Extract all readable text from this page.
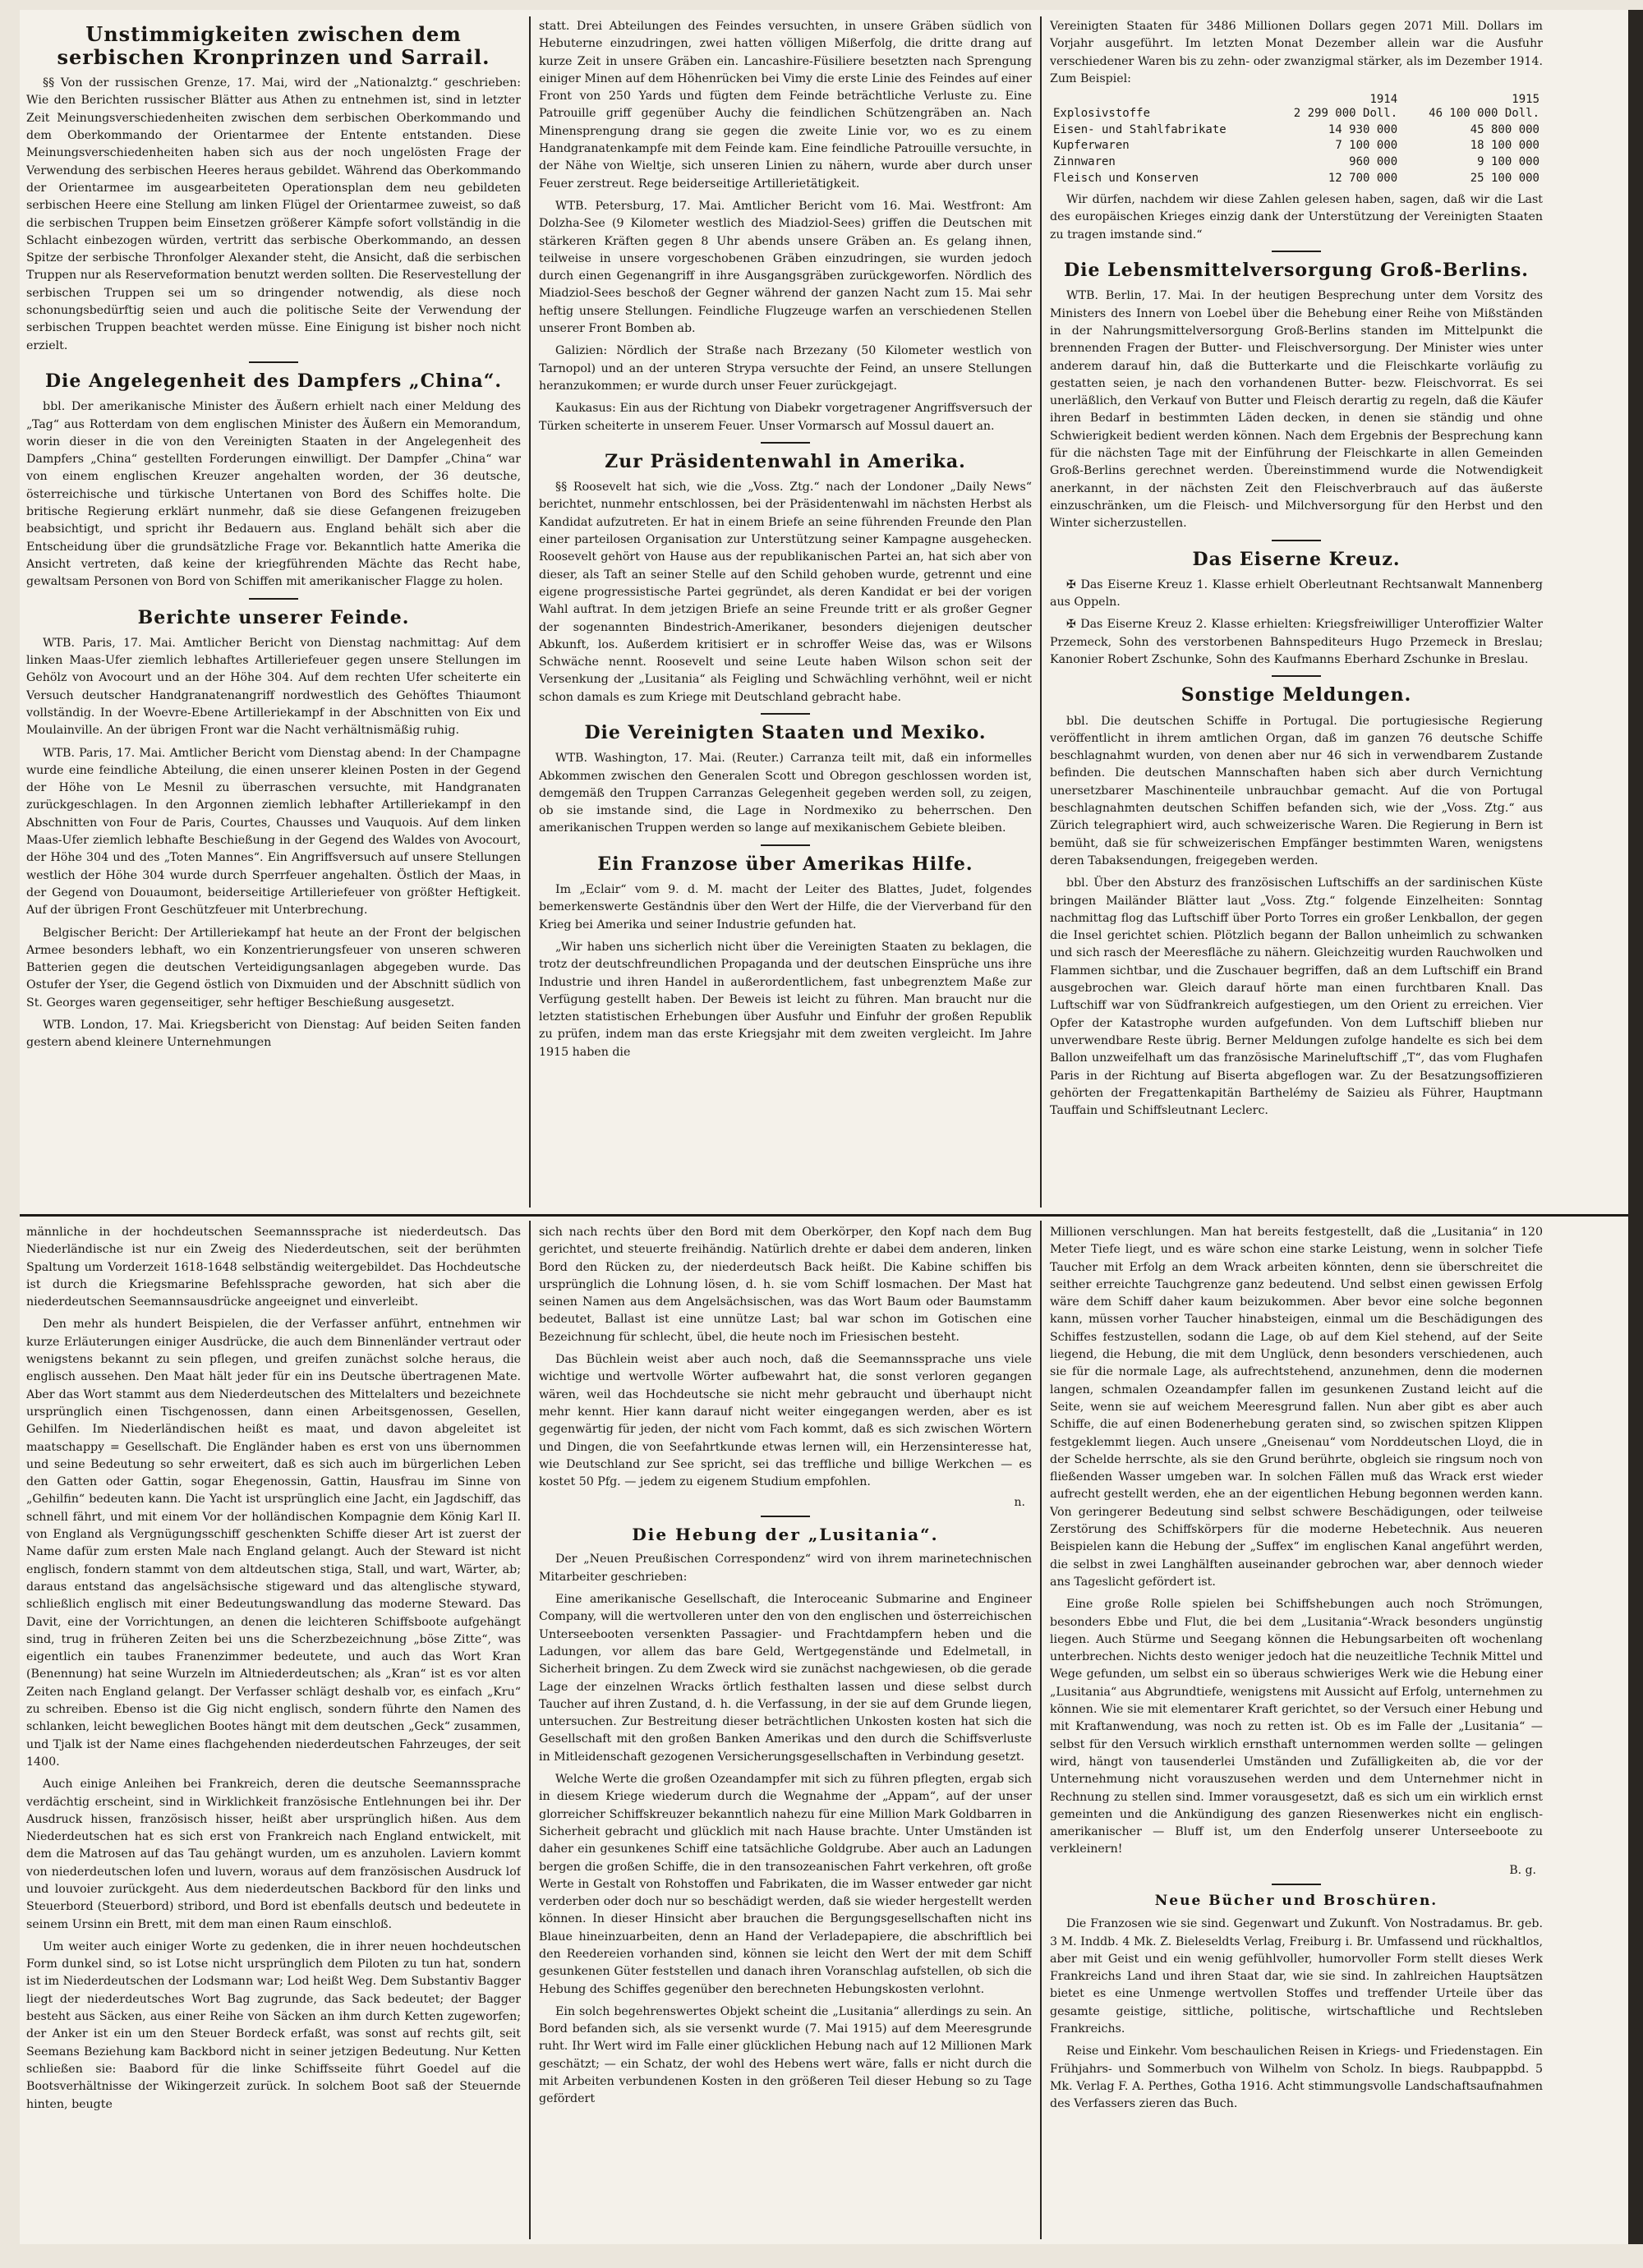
Unstimmigkeiten zwischen dem serbischen Kronprinzen und Sarrail.

§§ Von der russischen Grenze, 17. Mai, wird der „Nationalztg.“ geschrieben: Wie den Berichten russischer Blätter aus Athen zu entnehmen ist, sind in letzter Zeit Meinungsverschiedenheiten zwischen dem serbischen Oberkommando und dem Oberkommando der Orientarmee der Entente entstanden. Diese Meinungsverschiedenheiten haben sich aus der noch ungelösten Frage der Verwendung des serbischen Heeres heraus gebildet. Während das Oberkommando der Orientarmee im ausgearbeiteten Operationsplan dem neu gebildeten serbischen Heere eine Stellung am linken Flügel der Orientarmee zuweist, so daß die serbischen Truppen beim Einsetzen größerer Kämpfe sofort vollständig in die Schlacht einbezogen würden, vertritt das serbische Oberkommando, an dessen Spitze der serbische Thronfolger Alexander steht, die Ansicht, daß die serbischen Truppen nur als Reserveformation benutzt werden sollten. Die Reservestellung der serbischen Truppen sei um so dringender notwendig, als diese noch schonungsbedürftig seien und auch die politische Seite der Verwendung der serbischen Truppen beachtet werden müsse. Eine Einigung ist bisher noch nicht erzielt.

Die Angelegenheit des Dampfers „China“.

bbl. Der amerikanische Minister des Äußern erhielt nach einer Meldung des „Tag“ aus Rotterdam von dem englischen Minister des Äußern ein Memorandum, worin dieser in die von den Vereinigten Staaten in der Angelegenheit des Dampfers „China“ gestellten Forderungen einwilligt. Der Dampfer „China“ war von einem englischen Kreuzer angehalten worden, der 36 deutsche, österreichische und türkische Untertanen von Bord des Schiffes holte. Die britische Regierung erklärt nunmehr, daß sie diese Gefangenen freizugeben beabsichtigt, und spricht ihr Bedauern aus. England behält sich aber die Entscheidung über die grundsätzliche Frage vor. Bekanntlich hatte Amerika die Ansicht vertreten, daß keine der kriegführenden Mächte das Recht habe, gewaltsam Personen von Bord von Schiffen mit amerikanischer Flagge zu holen.

Berichte unserer Feinde.

WTB. Paris, 17. Mai. Amtlicher Bericht von Dienstag nachmittag: Auf dem linken Maas-Ufer ziemlich lebhaftes Artilleriefeuer gegen unsere Stellungen im Gehölz von Avocourt und an der Höhe 304. Auf dem rechten Ufer scheiterte ein Versuch deutscher Handgranatenangriff nordwestlich des Gehöftes Thiaumont vollständig. In der Woevre-Ebene Artilleriekampf in der Abschnitten von Eix und Moulainville. An der übrigen Front war die Nacht verhältnismäßig ruhig.

WTB. Paris, 17. Mai. Amtlicher Bericht vom Dienstag abend: In der Champagne wurde eine feindliche Abteilung, die einen unserer kleinen Posten in der Gegend der Höhe von Le Mesnil zu überraschen versuchte, mit Handgranaten zurückgeschlagen. In den Argonnen ziemlich lebhafter Artilleriekampf in den Abschnitten von Four de Paris, Courtes, Chausses und Vauquois. Auf dem linken Maas-Ufer ziemlich lebhafte Beschießung in der Gegend des Waldes von Avocourt, der Höhe 304 und des „Toten Mannes“. Ein Angriffsversuch auf unsere Stellungen westlich der Höhe 304 wurde durch Sperrfeuer angehalten. Östlich der Maas, in der Gegend von Douaumont, beiderseitige Artilleriefeuer von größter Heftigkeit. Auf der übrigen Front Geschützfeuer mit Unterbrechung.

Belgischer Bericht: Der Artilleriekampf hat heute an der Front der belgischen Armee besonders lebhaft, wo ein Konzentrierungsfeuer von unseren schweren Batterien gegen die deutschen Verteidigungsanlagen abgegeben wurde. Das Ostufer der Yser, die Gegend östlich von Dixmuiden und der Abschnitt südlich von St. Georges waren gegenseitiger, sehr heftiger Beschießung ausgesetzt.

WTB. London, 17. Mai. Kriegsbericht von Dienstag: Auf beiden Seiten fanden gestern abend kleinere Unternehmungen

statt. Drei Abteilungen des Feindes versuchten, in unsere Gräben südlich von Hebuterne einzudringen, zwei hatten völligen Mißerfolg, die dritte drang auf kurze Zeit in unsere Gräben ein. Lancashire-Füsiliere besetzten nach Sprengung einiger Minen auf dem Höhenrücken bei Vimy die erste Linie des Feindes auf einer Front von 250 Yards und fügten dem Feinde beträchtliche Verluste zu. Eine Patrouille griff gegenüber Auchy die feindlichen Schützengräben an. Nach Minensprengung drang sie gegen die zweite Linie vor, wo es zu einem Handgranatenkampfe mit dem Feinde kam. Eine feindliche Patrouille versuchte, in der Nähe von Wieltje, sich unseren Linien zu nähern, wurde aber durch unser Feuer zerstreut. Rege beiderseitige Artillerietätigkeit.

WTB. Petersburg, 17. Mai. Amtlicher Bericht vom 16. Mai. Westfront: Am Dolzha-See (9 Kilometer westlich des Miadziol-Sees) griffen die Deutschen mit stärkeren Kräften gegen 8 Uhr abends unsere Gräben an. Es gelang ihnen, teilweise in unsere vorgeschobenen Gräben einzudringen, sie wurden jedoch durch einen Gegenangriff in ihre Ausgangsgräben zurückgeworfen. Nördlich des Miadziol-Sees beschoß der Gegner während der ganzen Nacht zum 15. Mai sehr heftig unsere Stellungen. Feindliche Flugzeuge warfen an verschiedenen Stellen unserer Front Bomben ab.

Galizien: Nördlich der Straße nach Brzezany (50 Kilometer westlich von Tarnopol) und an der unteren Strypa versuchte der Feind, an unsere Stellungen heranzukommen; er wurde durch unser Feuer zurückgejagt.

Kaukasus: Ein aus der Richtung von Diabekr vorgetragener Angriffsversuch der Türken scheiterte in unserem Feuer. Unser Vormarsch auf Mossul dauert an.

Zur Präsidentenwahl in Amerika.

§§ Roosevelt hat sich, wie die „Voss. Ztg.“ nach der Londoner „Daily News“ berichtet, nunmehr entschlossen, bei der Präsidentenwahl im nächsten Herbst als Kandidat aufzutreten. Er hat in einem Briefe an seine führenden Freunde den Plan einer parteilosen Organisation zur Unterstützung seiner Kampagne ausgehecken. Roosevelt gehört von Hause aus der republikanischen Partei an, hat sich aber von dieser, als Taft an seiner Stelle auf den Schild gehoben wurde, getrennt und eine eigene progressistische Partei gegründet, als deren Kandidat er bei der vorigen Wahl auftrat. In dem jetzigen Briefe an seine Freunde tritt er als großer Gegner der sogenannten Bindestrich-Amerikaner, besonders diejenigen deutscher Abkunft, los. Außerdem kritisiert er in schroffer Weise das, was er Wilsons Schwäche nennt. Roosevelt und seine Leute haben Wilson schon seit der Versenkung der „Lusitania“ als Feigling und Schwächling verhöhnt, weil er nicht schon damals es zum Kriege mit Deutschland gebracht habe.

Die Vereinigten Staaten und Mexiko.

WTB. Washington, 17. Mai. (Reuter.) Carranza teilt mit, daß ein informelles Abkommen zwischen den Generalen Scott und Obregon geschlossen worden ist, demgemäß den Truppen Carranzas Gelegenheit gegeben werden soll, zu zeigen, ob sie imstande sind, die Lage in Nordmexiko zu beherrschen. Den amerikanischen Truppen werden so lange auf mexikanischem Gebiete bleiben.

Ein Franzose über Amerikas Hilfe.

Im „Eclair“ vom 9. d. M. macht der Leiter des Blattes, Judet, folgendes bemerkenswerte Geständnis über den Wert der Hilfe, die der Vierverband für den Krieg bei Amerika und seiner Industrie gefunden hat.

„Wir haben uns sicherlich nicht über die Vereinigten Staaten zu beklagen, die trotz der deutschfreundlichen Propaganda und der deutschen Einsprüche uns ihre Industrie und ihren Handel in außerordentlichem, fast unbegrenztem Maße zur Verfügung gestellt haben. Der Beweis ist leicht zu führen. Man braucht nur die letzten statistischen Erhebungen über Ausfuhr und Einfuhr der großen Republik zu prüfen, indem man das erste Kriegsjahr mit dem zweiten vergleicht. Im Jahre 1915 haben die

Vereinigten Staaten für 3486 Millionen Dollars gegen 2071 Mill. Dollars im Vorjahr ausgeführt. Im letzten Monat Dezember allein war die Ausfuhr verschiedener Waren bis zu zehn- oder zwanzigmal stärker, als im Dezember 1914. Zum Beispiel:

	1914	1915
Explosivstoffe	2 299 000 Doll.	46 100 000 Doll.
Eisen- und Stahlfabrikate	14 930 000	45 800 000
Kupferwaren	7 100 000	18 100 000
Zinnwaren	960 000	9 100 000
Fleisch und Konserven	12 700 000	25 100 000

Wir dürfen, nachdem wir diese Zahlen gelesen haben, sagen, daß wir die Last des europäischen Krieges einzig dank der Unterstützung der Vereinigten Staaten zu tragen imstande sind.“

Die Lebensmittelversorgung Groß-Berlins.

WTB. Berlin, 17. Mai. In der heutigen Besprechung unter dem Vorsitz des Ministers des Innern von Loebel über die Behebung einer Reihe von Mißständen in der Nahrungsmittelversorgung Groß-Berlins standen im Mittelpunkt die brennenden Fragen der Butter- und Fleischversorgung. Der Minister wies unter anderem darauf hin, daß die Butterkarte und die Fleischkarte vorläufig zu gestatten seien, je nach den vorhandenen Butter- bezw. Fleischvorrat. Es sei unerläßlich, den Verkauf von Butter und Fleisch derartig zu regeln, daß die Käufer ihren Bedarf in bestimmten Läden decken, in denen sie ständig und ohne Schwierigkeit bedient werden können. Nach dem Ergebnis der Besprechung kann für die nächsten Tage mit der Einführung der Fleischkarte in allen Gemeinden Groß-Berlins gerechnet werden. Übereinstimmend wurde die Notwendigkeit anerkannt, in der nächsten Zeit den Fleischverbrauch auf das äußerste einzuschränken, um die Fleisch- und Milchversorgung für den Herbst und den Winter sicherzustellen.

Das Eiserne Kreuz.

✠ Das Eiserne Kreuz 1. Klasse erhielt Oberleutnant Rechtsanwalt Mannenberg aus Oppeln.

✠ Das Eiserne Kreuz 2. Klasse erhielten: Kriegsfreiwilliger Unteroffizier Walter Przemeck, Sohn des verstorbenen Bahnspediteurs Hugo Przemeck in Breslau; Kanonier Robert Zschunke, Sohn des Kaufmanns Eberhard Zschunke in Breslau.

Sonstige Meldungen.

bbl. Die deutschen Schiffe in Portugal. Die portugiesische Regierung veröffentlicht in ihrem amtlichen Organ, daß im ganzen 76 deutsche Schiffe beschlagnahmt wurden, von denen aber nur 46 sich in verwendbarem Zustande befinden. Die deutschen Mannschaften haben sich aber durch Vernichtung unersetzbarer Maschinenteile unbrauchbar gemacht. Auf die von Portugal beschlagnahmten deutschen Schiffen befanden sich, wie der „Voss. Ztg.“ aus Zürich telegraphiert wird, auch schweizerische Waren. Die Regierung in Bern ist bemüht, daß sie für schweizerischen Empfänger bestimmten Waren, wenigstens deren Tabaksendungen, freigegeben werden.

bbl. Über den Absturz des französischen Luftschiffs an der sardinischen Küste bringen Mailänder Blätter laut „Voss. Ztg.“ folgende Einzelheiten: Sonntag nachmittag flog das Luftschiff über Porto Torres ein großer Lenkballon, der gegen die Insel gerichtet schien. Plötzlich begann der Ballon unheimlich zu schwanken und sich rasch der Meeresfläche zu nähern. Gleichzeitig wurden Rauchwolken und Flammen sichtbar, und die Zuschauer begriffen, daß an dem Luftschiff ein Brand ausgebrochen war. Gleich darauf hörte man einen furchtbaren Knall. Das Luftschiff war von Südfrankreich aufgestiegen, um den Orient zu erreichen. Vier Opfer der Katastrophe wurden aufgefunden. Von dem Luftschiff blieben nur unverwendbare Reste übrig. Berner Meldungen zufolge handelte es sich bei dem Ballon unzweifelhaft um das französische Marineluftschiff „T“, das vom Flughafen Paris in der Richtung auf Biserta abgeflogen war. Zu der Besatzungsoffizieren gehörten der Fregattenkapitän Barthelémy de Saizieu als Führer, Hauptmann Tauffain und Schiffsleutnant Leclerc.

männliche in der hochdeutschen Seemannssprache ist niederdeutsch. Das Niederländische ist nur ein Zweig des Niederdeutschen, seit der berühmten Spaltung um Vorderzeit 1618-1648 selbständig weitergebildet. Das Hochdeutsche ist durch die Kriegsmarine Befehlssprache geworden, hat sich aber die niederdeutschen Seemannsausdrücke angeeignet und einverleibt.

Den mehr als hundert Beispielen, die der Verfasser anführt, entnehmen wir kurze Erläuterungen einiger Ausdrücke, die auch dem Binnenländer vertraut oder wenigstens bekannt zu sein pflegen, und greifen zunächst solche heraus, die englisch aussehen. Den Maat hält jeder für ein ins Deutsche übertragenen Mate. Aber das Wort stammt aus dem Niederdeutschen des Mittelalters und bezeichnete ursprünglich einen Tischgenossen, dann einen Arbeitsgenossen, Gesellen, Gehilfen. Im Niederländischen heißt es maat, und davon abgeleitet ist maatschappy = Gesellschaft. Die Engländer haben es erst von uns übernommen und seine Bedeutung so sehr erweitert, daß es sich auch im bürgerlichen Leben den Gatten oder Gattin, sogar Ehegenossin, Gattin, Hausfrau im Sinne von „Gehilfin“ bedeuten kann. Die Yacht ist ursprünglich eine Jacht, ein Jagdschiff, das schnell fährt, und mit einem Vor der holländischen Kompagnie dem König Karl II. von England als Vergnügungsschiff geschenkten Schiffe dieser Art ist zuerst der Name dafür zum ersten Male nach England gelangt. Auch der Steward ist nicht englisch, fondern stammt von dem altdeutschen stiga, Stall, und wart, Wärter, ab; daraus entstand das angelsächsische stigeward und das altenglische styward, schließlich englisch mit einer Bedeutungswandlung das moderne Steward. Das Davit, eine der Vorrichtungen, an denen die leichteren Schiffsboote aufgehängt sind, trug in früheren Zeiten bei uns die Scherzbezeichnung „böse Zitte“, was eigentlich ein taubes Franenzimmer bedeutete, und auch das Wort Kran (Benennung) hat seine Wurzeln im Altniederdeutschen; als „Kran“ ist es vor alten Zeiten nach England gelangt. Der Verfasser schlägt deshalb vor, es einfach „Kru“ zu schreiben. Ebenso ist die Gig nicht englisch, sondern führte den Namen des schlanken, leicht beweglichen Bootes hängt mit dem deutschen „Geck“ zusammen, und Tjalk ist der Name eines flachgehenden niederdeutschen Fahrzeuges, der seit 1400.

Auch einige Anleihen bei Frankreich, deren die deutsche Seemannssprache verdächtig erscheint, sind in Wirklichkeit französische Entlehnungen bei ihr. Der Ausdruck hissen, französisch hisser, heißt aber ursprünglich hißen. Aus dem Niederdeutschen hat es sich erst von Frankreich nach England entwickelt, mit dem die Matrosen auf das Tau gehängt wurden, um es anzuholen. Laviern kommt von niederdeutschen lofen und luvern, woraus auf dem französischen Ausdruck lof und louvoier zurückgeht. Aus dem niederdeutschen Backbord für den links und Steuerbord (Steuerbord) stribord, und Bord ist ebenfalls deutsch und bedeutete in seinem Ursinn ein Brett, mit dem man einen Raum einschloß.

Um weiter auch einiger Worte zu gedenken, die in ihrer neuen hochdeutschen Form dunkel sind, so ist Lotse nicht ursprünglich dem Piloten zu tun hat, sondern ist im Niederdeutschen der Lodsmann war; Lod heißt Weg. Dem Substantiv Bagger liegt der niederdeutsches Wort Bag zugrunde, das Sack bedeutet; der Bagger besteht aus Säcken, aus einer Reihe von Säcken an ihm durch Ketten zugeworfen; der Anker ist ein um den Steuer Bordeck erfaßt, was sonst auf rechts gilt, seit Seemans Beziehung kam Backbord nicht in seiner jetzigen Bedeutung. Nur Ketten schließen sie: Baabord für die linke Schiffsseite führt Goedel auf die Bootsverhältnisse der Wikingerzeit zurück. In solchem Boot saß der Steuernde hinten, beugte

sich nach rechts über den Bord mit dem Oberkörper, den Kopf nach dem Bug gerichtet, und steuerte freihändig. Natürlich drehte er dabei dem anderen, linken Bord den Rücken zu, der niederdeutsch Back heißt. Die Kabine schiffen bis ursprünglich die Lohnung lösen, d. h. sie vom Schiff losmachen. Der Mast hat seinen Namen aus dem Angelsächsischen, was das Wort Baum oder Baumstamm bedeutet, Ballast ist eine unnütze Last; bal war schon im Gotischen eine Bezeichnung für schlecht, übel, die heute noch im Friesischen besteht.

Das Büchlein weist aber auch noch, daß die Seemannssprache uns viele wichtige und wertvolle Wörter aufbewahrt hat, die sonst verloren gegangen wären, weil das Hochdeutsche sie nicht mehr gebraucht und überhaupt nicht mehr kennt. Hier kann darauf nicht weiter eingegangen werden, aber es ist gegenwärtig für jeden, der nicht vom Fach kommt, daß es sich zwischen Wörtern und Dingen, die von Seefahrtkunde etwas lernen will, ein Herzensinteresse hat, wie Deutschland zur See spricht, sei das treffliche und billige Werkchen — es kostet 50 Pfg. — jedem zu eigenem Studium empfohlen.

n.
Die Hebung der „Lusitania“.

Der „Neuen Preußischen Correspondenz“ wird von ihrem marinetechnischen Mitarbeiter geschrieben:

Eine amerikanische Gesellschaft, die Interoceanic Submarine and Engineer Company, will die wertvolleren unter den von den englischen und österreichischen Unterseebooten versenkten Passagier- und Frachtdampfern heben und die Ladungen, vor allem das bare Geld, Wertgegenstände und Edelmetall, in Sicherheit bringen. Zu dem Zweck wird sie zunächst nachgewiesen, ob die gerade Lage der einzelnen Wracks örtlich festhalten lassen und diese selbst durch Taucher auf ihren Zustand, d. h. die Verfassung, in der sie auf dem Grunde liegen, untersuchen. Zur Bestreitung dieser beträchtlichen Unkosten kosten hat sich die Gesellschaft mit den großen Banken Amerikas und den durch die Schiffsverluste in Mitleidenschaft gezogenen Versicherungsgesellschaften in Verbindung gesetzt.

Welche Werte die großen Ozeandampfer mit sich zu führen pflegten, ergab sich in diesem Kriege wiederum durch die Wegnahme der „Appam“, auf der unser glorreicher Schiffskreuzer bekanntlich nahezu für eine Million Mark Goldbarren in Sicherheit gebracht und glücklich mit nach Hause brachte. Unter Umständen ist daher ein gesunkenes Schiff eine tatsächliche Goldgrube. Aber auch an Ladungen bergen die großen Schiffe, die in den transozeanischen Fahrt verkehren, oft große Werte in Gestalt von Rohstoffen und Fabrikaten, die im Wasser entweder gar nicht verderben oder doch nur so beschädigt werden, daß sie wieder hergestellt werden können. In dieser Hinsicht aber brauchen die Bergungsgesellschaften nicht ins Blaue hineinzuarbeiten, denn an Hand der Verladepapiere, die abschriftlich bei den Reedereien vorhanden sind, können sie leicht den Wert der mit dem Schiff gesunkenen Güter feststellen und danach ihren Voranschlag aufstellen, ob sich die Hebung des Schiffes gegenüber den berechneten Hebungskosten verlohnt.

Ein solch begehrenswertes Objekt scheint die „Lusitania“ allerdings zu sein. An Bord befanden sich, als sie versenkt wurde (7. Mai 1915) auf dem Meeresgrunde ruht. Ihr Wert wird im Falle einer glücklichen Hebung nach auf 12 Millionen Mark geschätzt; — ein Schatz, der wohl des Hebens wert wäre, falls er nicht durch die mit Arbeiten verbundenen Kosten in den größeren Teil dieser Hebung so zu Tage gefördert

Millionen verschlungen. Man hat bereits festgestellt, daß die „Lusitania“ in 120 Meter Tiefe liegt, und es wäre schon eine starke Leistung, wenn in solcher Tiefe Taucher mit Erfolg an dem Wrack arbeiten könnten, denn sie überschreitet die seither erreichte Tauchgrenze ganz bedeutend. Und selbst einen gewissen Erfolg wäre dem Schiff daher kaum beizukommen. Aber bevor eine solche begonnen kann, müssen vorher Taucher hinabsteigen, einmal um die Beschädigungen des Schiffes festzustellen, sodann die Lage, ob auf dem Kiel stehend, auf der Seite liegend, die Hebung, die mit dem Unglück, denn besonders verschiedenen, auch sie für die normale Lage, als aufrechtstehend, anzunehmen, denn die modernen langen, schmalen Ozeandampfer fallen im gesunkenen Zustand leicht auf die Seite, wenn sie auf weichem Meeresgrund fallen. Nun aber gibt es aber auch Schiffe, die auf einen Bodenerhebung geraten sind, so zwischen spitzen Klippen festgeklemmt liegen. Auch unsere „Gneisenau“ vom Norddeutschen Lloyd, die in der Schelde herrschte, als sie den Grund berührte, obgleich sie ringsum noch von fließenden Wasser umgeben war. In solchen Fällen muß das Wrack erst wieder aufrecht gestellt werden, ehe an der eigentlichen Hebung begonnen werden kann. Von geringerer Bedeutung sind selbst schwere Beschädigungen, oder teilweise Zerstörung des Schiffskörpers für die moderne Hebetechnik. Aus neueren Beispielen kann die Hebung der „Suffex“ im englischen Kanal angeführt werden, die selbst in zwei Langhälften auseinander gebrochen war, aber dennoch wieder ans Tageslicht gefördert ist.

Eine große Rolle spielen bei Schiffshebungen auch noch Strömungen, besonders Ebbe und Flut, die bei dem „Lusitania“-Wrack besonders ungünstig liegen. Auch Stürme und Seegang können die Hebungsarbeiten oft wochenlang unterbrechen. Nichts desto weniger jedoch hat die neuzeitliche Technik Mittel und Wege gefunden, um selbst ein so überaus schwieriges Werk wie die Hebung einer „Lusitania“ aus Abgrundtiefe, wenigstens mit Aussicht auf Erfolg, unternehmen zu können. Wie sie mit elementarer Kraft gerichtet, so der Versuch einer Hebung und mit Kraftanwendung, was noch zu retten ist. Ob es im Falle der „Lusitania“ — selbst für den Versuch wirklich ernsthaft unternommen werden sollte — gelingen wird, hängt von tausenderlei Umständen und Zufälligkeiten ab, die vor der Unternehmung nicht vorauszusehen werden und dem Unternehmer nicht in Rechnung zu stellen sind. Immer vorausgesetzt, daß es sich um ein wirklich ernst gemeinten und die Ankündigung des ganzen Riesenwerkes nicht ein englisch-amerikanischer — Bluff ist, um den Enderfolg unserer Unterseeboote zu verkleinern!

B. g.
Neue Bücher und Broschüren.

Die Franzosen wie sie sind. Gegenwart und Zukunft. Von Nostradamus. Br. geb. 3 M. Inddb. 4 Mk. Z. Bieleseldts Verlag, Freiburg i. Br. Umfassend und rückhaltlos, aber mit Geist und ein wenig gefühlvoller, humorvoller Form stellt dieses Werk Frankreichs Land und ihren Staat dar, wie sie sind. In zahlreichen Hauptsätzen bietet es eine Unmenge wertvollen Stoffes und treffender Urteile über das gesamte geistige, sittliche, politische, wirtschaftliche und Rechtsleben Frankreichs.

Reise und Einkehr. Vom beschaulichen Reisen in Kriegs- und Friedenstagen. Ein Frühjahrs- und Sommerbuch von Wilhelm von Scholz. In biegs. Raubpappbd. 5 Mk. Verlag F. A. Perthes, Gotha 1916. Acht stimmungsvolle Landschaftsaufnahmen des Verfassers zieren das Buch.
